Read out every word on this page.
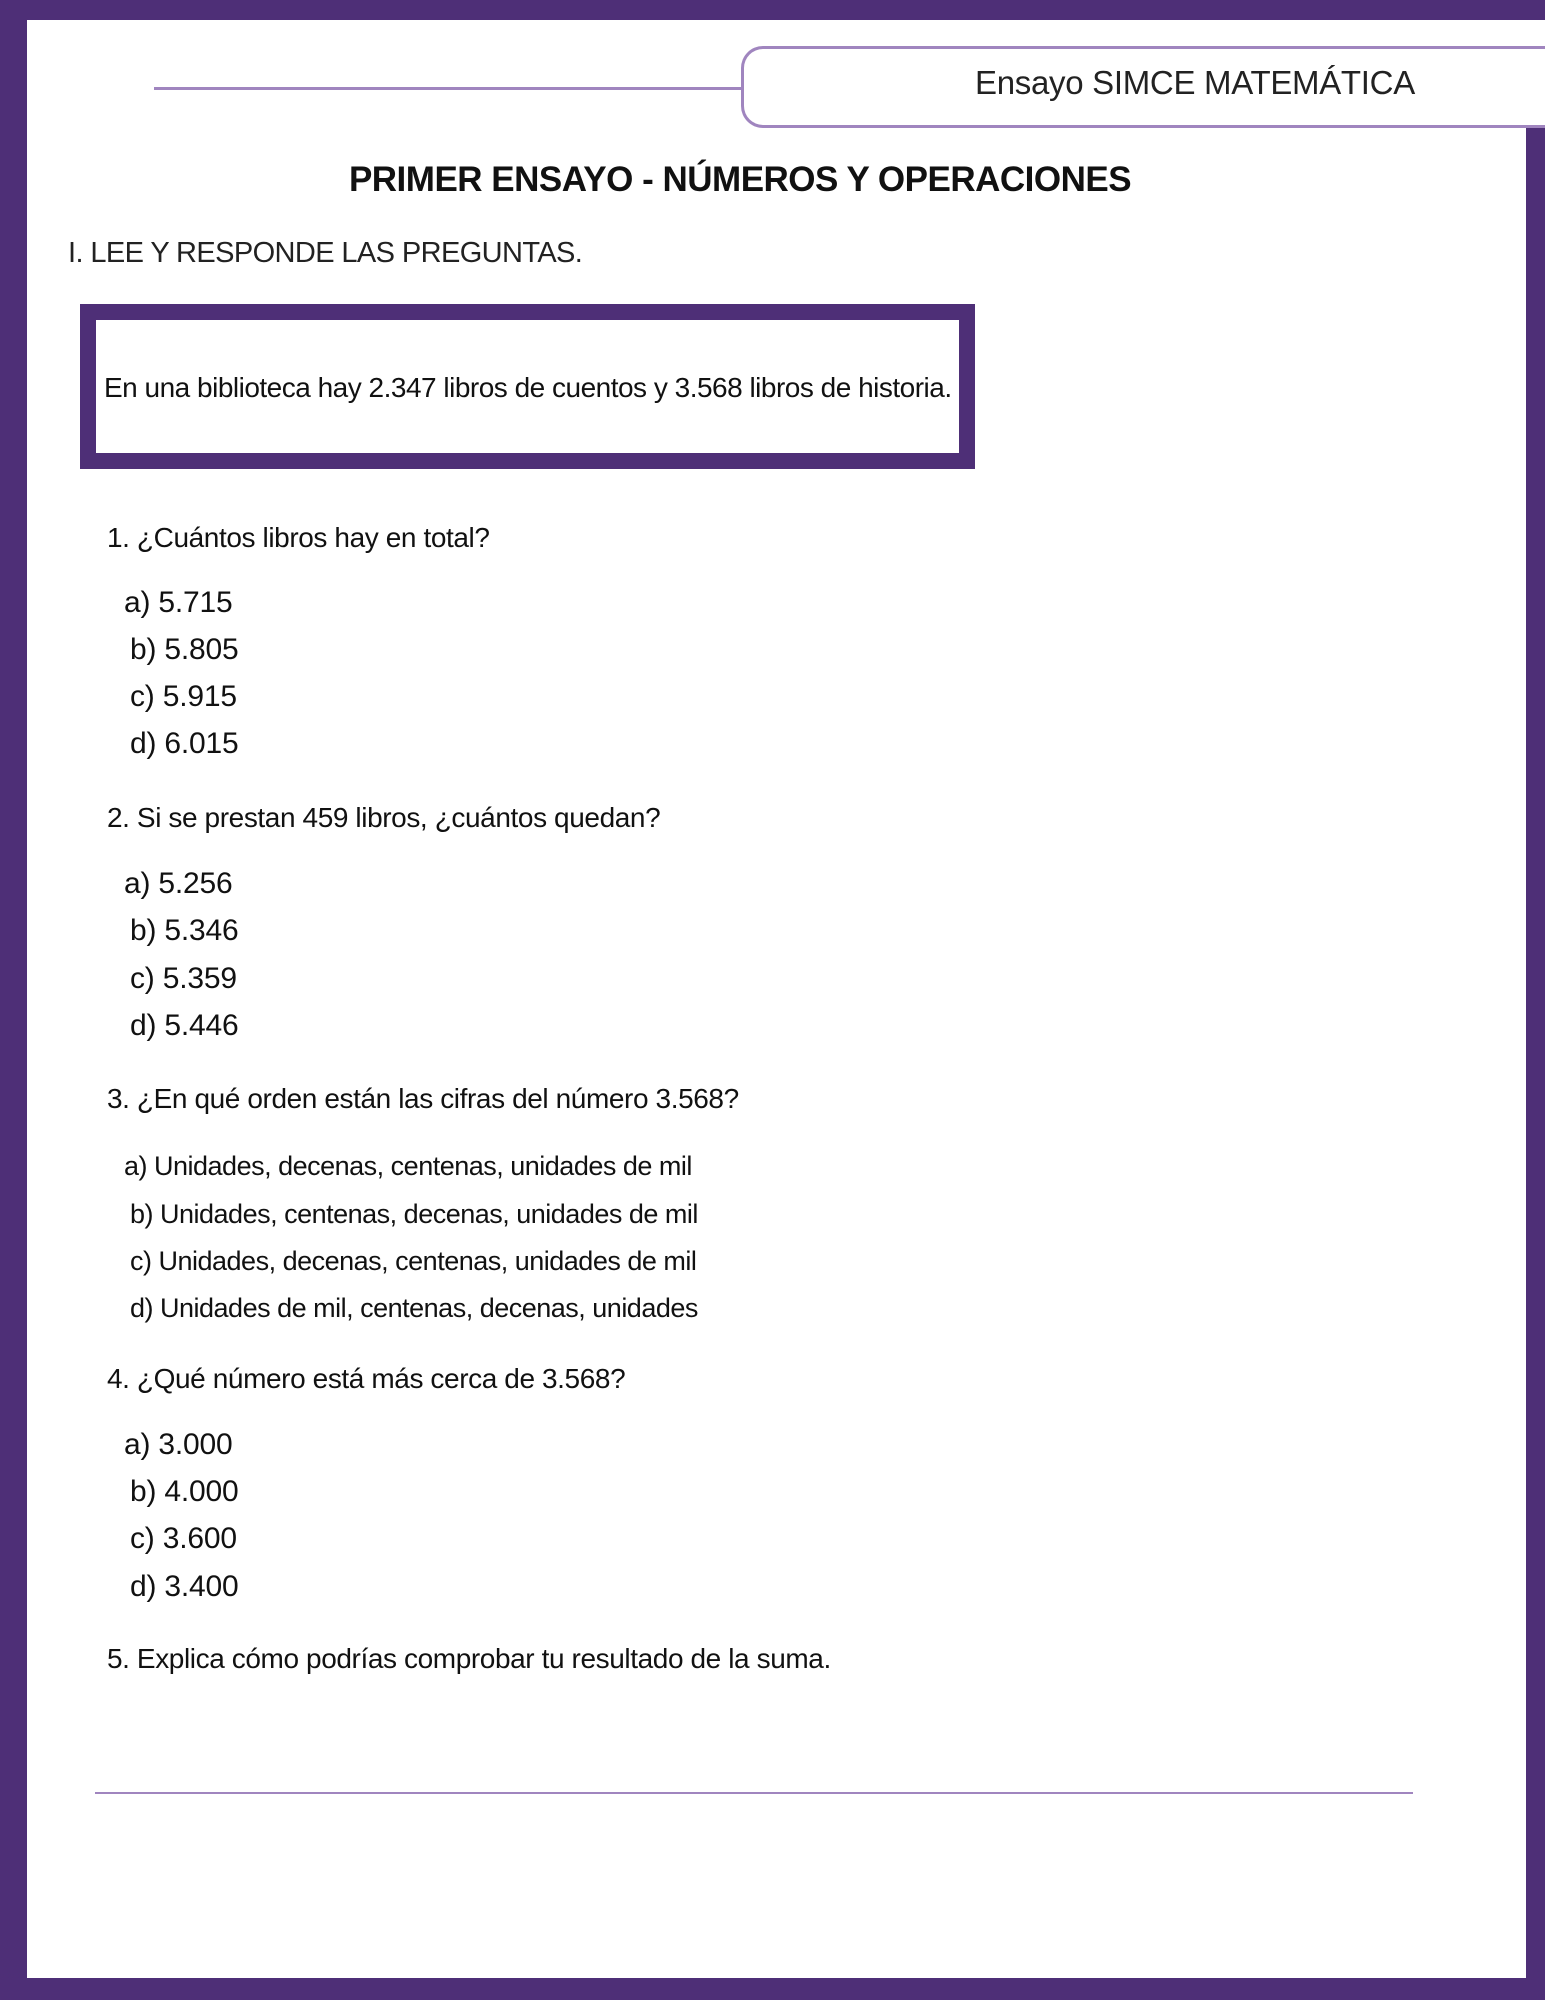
Ensayo SIMCE MATEMÁTICA
PRIMER ENSAYO - NÚMEROS Y OPERACIONES
I. LEE Y RESPONDE LAS PREGUNTAS.
En una biblioteca hay 2.347 libros de cuentos y 3.568 libros de historia.
1. ¿Cuántos libros hay en total?
a) 5.715
b) 5.805
c) 5.915
d) 6.015
2. Si se prestan 459 libros, ¿cuántos quedan?
a) 5.256
b) 5.346
c) 5.359
d) 5.446
3. ¿En qué orden están las cifras del número 3.568?
a) Unidades, decenas, centenas, unidades de mil
b) Unidades, centenas, decenas, unidades de mil
c) Unidades, decenas, centenas, unidades de mil
d) Unidades de mil, centenas, decenas, unidades
4. ¿Qué número está más cerca de 3.568?
a) 3.000
b) 4.000
c) 3.600
d) 3.400
5. Explica cómo podrías comprobar tu resultado de la suma.
